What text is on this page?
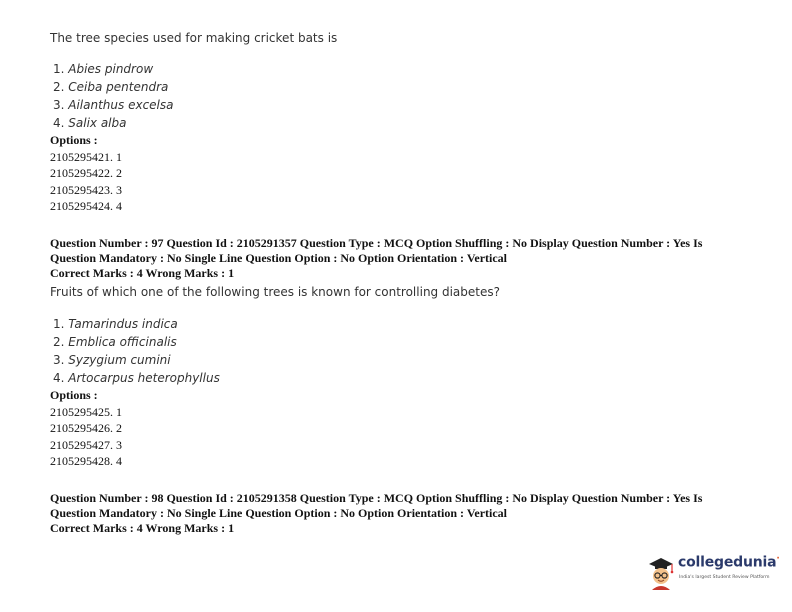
The tree species used for making cricket bats is
1. Abies pindrow
2. Ceiba pentendra
3. Ailanthus excelsa
4. Salix alba
Options :
2105295421. 1
2105295422. 2
2105295423. 3
2105295424. 4
Question Number : 97 Question Id : 2105291357 Question Type : MCQ Option Shuffling : No Display Question Number : Yes Is
Question Mandatory : No Single Line Question Option : No Option Orientation : Vertical
Correct Marks : 4 Wrong Marks : 1
Fruits of which one of the following trees is known for controlling diabetes?
1. Tamarindus indica
2. Emblica officinalis
3. Syzygium cumini
4. Artocarpus heterophyllus
Options :
2105295425. 1
2105295426. 2
2105295427. 3
2105295428. 4
Question Number : 98 Question Id : 2105291358 Question Type : MCQ Option Shuffling : No Display Question Number : Yes Is
Question Mandatory : No Single Line Question Option : No Option Orientation : Vertical
Correct Marks : 4 Wrong Marks : 1
collegedunia·
India's largest Student Review Platform
